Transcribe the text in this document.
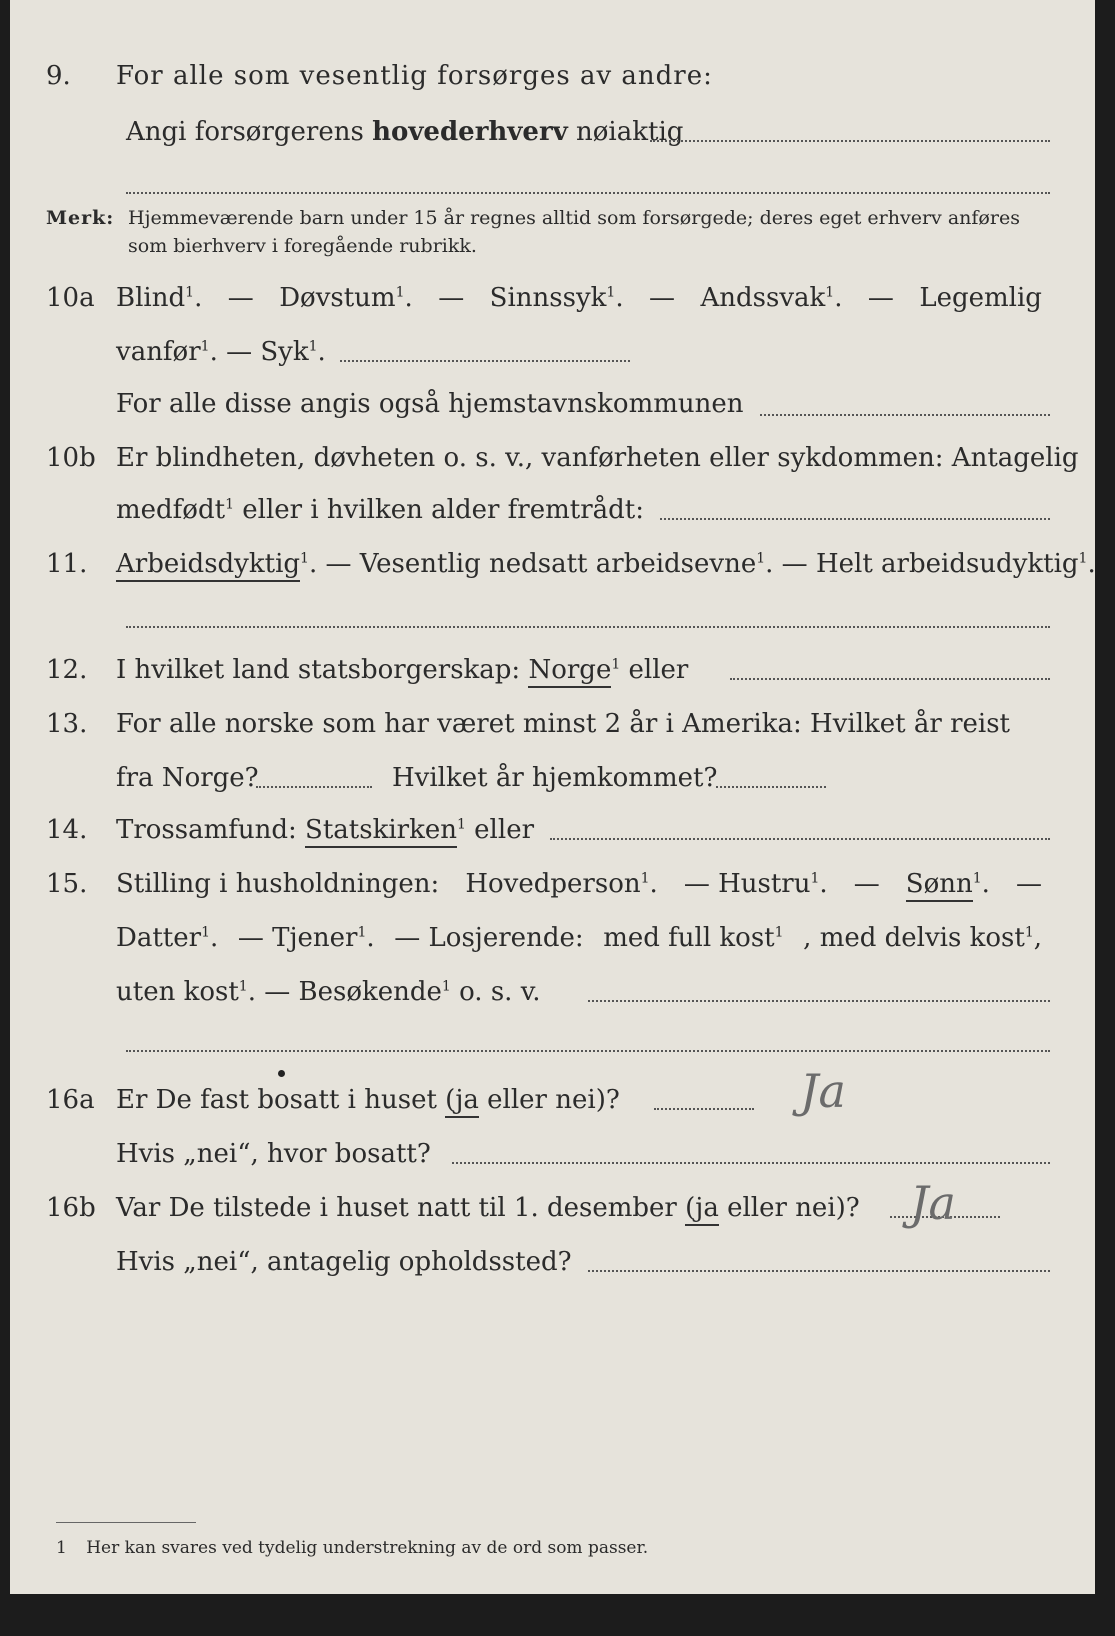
9. For alle som vesentlig forsørges av andre:
Angi forsørgerens hovederhverv nøiaktig
Merk: Hjemmeværende barn under 15 år regnes alltid som forsørgede; deres eget erhverv anføres som bierhverv i foregående rubrikk.
10a Blind$^1$. — Døvstum$^1$. — Sinnssyk$^1$. — Andssvak$^1$. — Legemlig
vanfør$^1$. — Syk$^1$.
For alle disse angis også hjemstavnskommunen
10b Er blindheten, døvheten o. s. v., vanførheten eller sykdommen: Antagelig
medfødt$^1$ eller i hvilken alder fremtrådt:
11. Arbeidsdyktig$^1$. — Vesentlig nedsatt arbeidsevne$^1$. — Helt arbeidsudyktig$^1$.
12. I hvilket land statsborgerskap: Norge$^1$ eller
13. For alle norske som har været minst 2 år i Amerika: Hvilket år reist
fra Norge?	Hvilket år hjemkommet?
14. Trossamfund: Statskirken$^1$ eller
15. Stilling i husholdningen: Hovedperson$^1$. — Hustru$^1$. — Sønn$^1$. —
Datter$^1$. — Tjener$^1$. — Losjerende: med full kost$^1$ , med delvis kost$^1$,
uten kost$^1$. — Besøkende$^1$ o. s. v.
16a Er De fast bosatt i huset (ja eller nei)?	Ja
Hvis „nei“, hvor bosatt?
16b Var De tilstede i huset natt til 1. desember (ja eller nei)? Ja
Hvis „nei“, antagelig opholdssted?
1 Her kan svares ved tydelig understrekning av de ord som passer.
